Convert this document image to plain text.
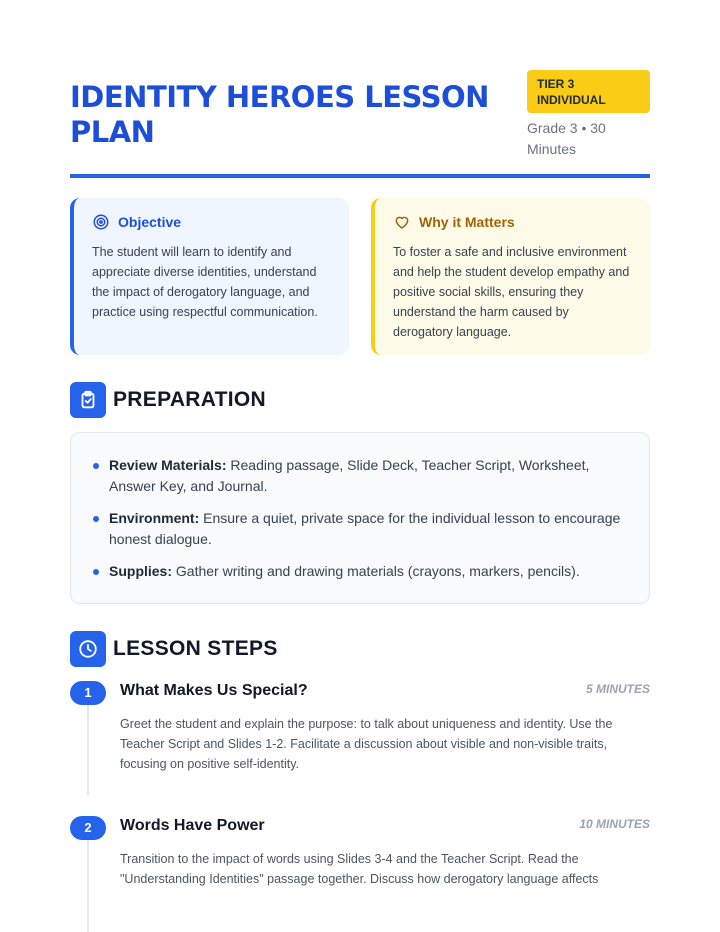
IDENTITY HEROES LESSON PLAN
TIER 3 INDIVIDUAL
Grade 3 • 30 Minutes
Objective

The student will learn to identify and appreciate diverse identities, understand the impact of derogatory language, and practice using respectful communication.

Why it Matters

To foster a safe and inclusive environment and help the student develop empathy and positive social skills, ensuring they understand the harm caused by derogatory language.

PREPARATION
Review Materials: Reading passage, Slide Deck, Teacher Script, Worksheet, Answer Key, and Journal.
Environment: Ensure a quiet, private space for the individual lesson to encourage honest dialogue.
Supplies: Gather writing and drawing materials (crayons, markers, pencils).
LESSON STEPS
1	What Makes Us Special?	5 MINUTES

Greet the student and explain the purpose: to talk about uniqueness and identity. Use the Teacher Script and Slides 1-2. Facilitate a discussion about visible and non-visible traits, focusing on positive self-identity.

2	Words Have Power	10 MINUTES

Transition to the impact of words using Slides 3-4 and the Teacher Script. Read the "Understanding Identities" passage together. Discuss how derogatory language affects
